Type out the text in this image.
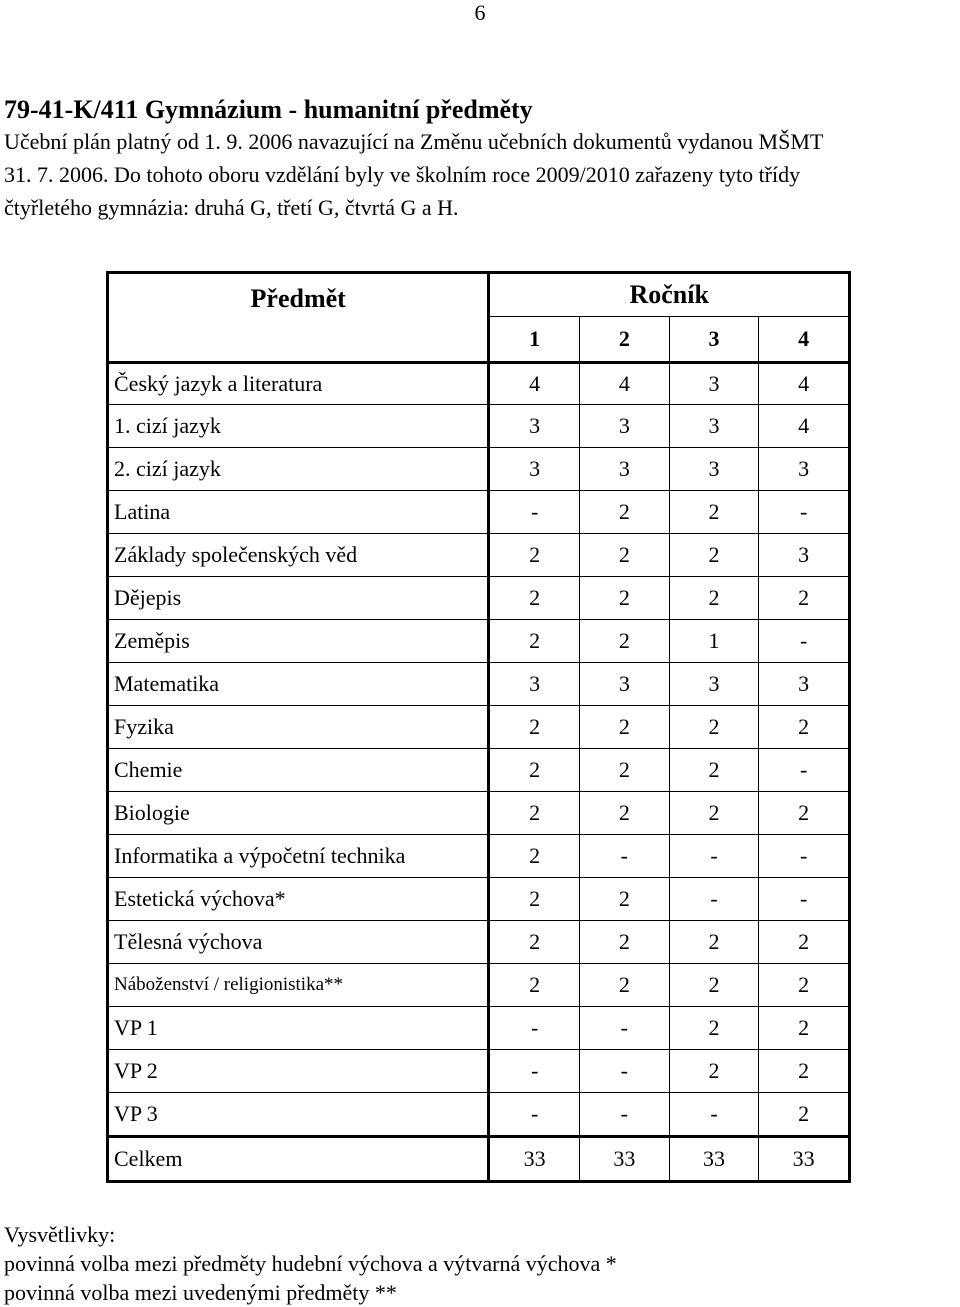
6
79-41-K/411 Gymnázium - humanitní předměty
Učební plán platný od 1. 9. 2006 navazující na Změnu učebních dokumentů vydanou MŠMT
31. 7. 2006. Do tohoto oboru vzdělání byly ve školním roce 2009/2010 zařazeny tyto třídy
čtyřletého gymnázia: druhá G, třetí G, čtvrtá G a H.
Předmět	Ročník			
	1	2	3	4
Český jazyk a literatura	4	4	3	4
1. cizí jazyk	3	3	3	4
2. cizí jazyk	3	3	3	3
Latina	-	2	2	-
Základy společenských věd	2	2	2	3
Dějepis	2	2	2	2
Zeměpis	2	2	1	-
Matematika	3	3	3	3
Fyzika	2	2	2	2
Chemie	2	2	2	-
Biologie	2	2	2	2
Informatika a výpočetní technika	2	-	-	-
Estetická výchova*	2	2	-	-
Tělesná výchova	2	2	2	2
Náboženství / religionistika**	2	2	2	2
VP 1	-	-	2	2
VP 2	-	-	2	2
VP 3	-	-	-	2
Celkem	33	33	33	33
Vysvětlivky:
povinná volba mezi předměty hudební výchova a výtvarná výchova *
povinná volba mezi uvedenými předměty **
